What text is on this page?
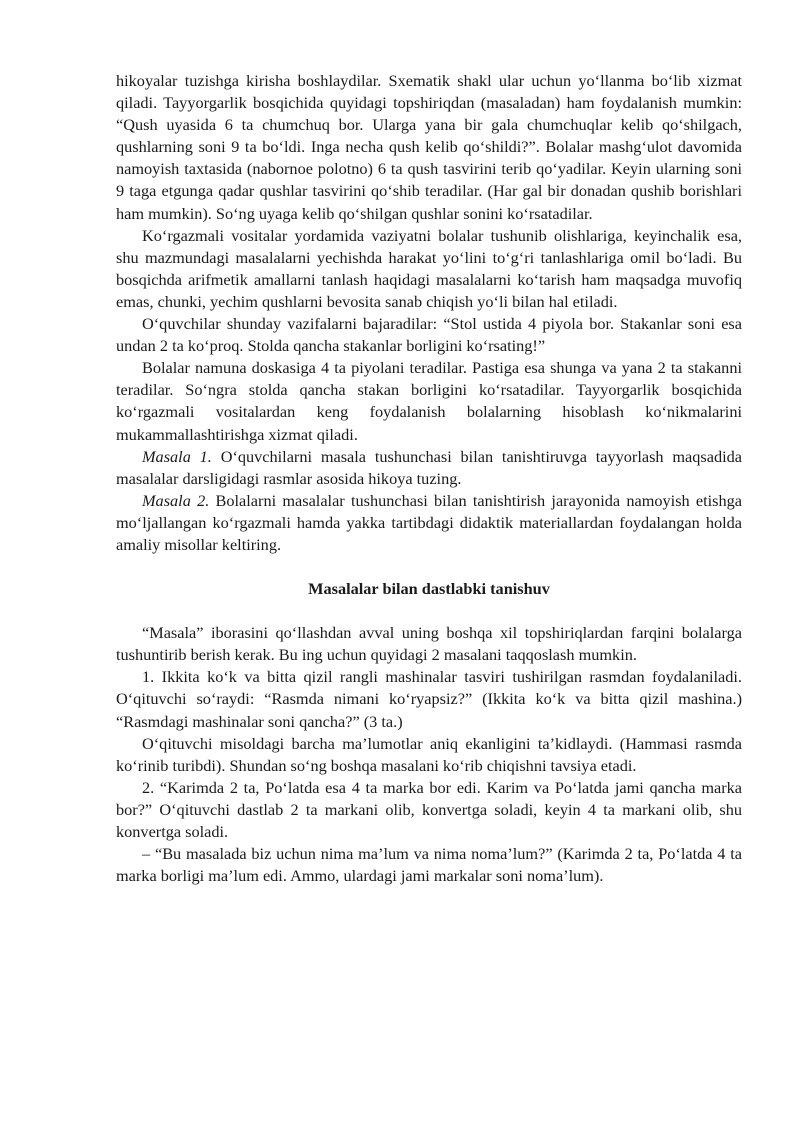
hikoyalar tuzishga kirisha boshlaydilar. Sxematik shakl ular uchun yo‘llanma bo‘lib xizmat qiladi. Tayyorgarlik bosqichida quyidagi topshiriqdan (masaladan) ham foydalanish mumkin: “Qush uyasida 6 ta chumchuq bor. Ularga yana bir gala chumchuqlar kelib qo‘shilgach, qushlarning soni 9 ta bo‘ldi. Inga necha qush kelib qo‘shildi?”. Bolalar mashg‘ulot davomida namoyish taxtasida (nabornoe polotno) 6 ta qush tasvirini terib qo‘yadilar. Keyin ularning soni 9 taga etgunga qadar qushlar tasvirini qo‘shib teradilar. (Har gal bir donadan qushib borishlari ham mumkin). So‘ng uyaga kelib qo‘shilgan qushlar sonini ko‘rsatadilar.

Ko‘rgazmali vositalar yordamida vaziyatni bolalar tushunib olishlariga, keyinchalik esa, shu mazmundagi masalalarni yechishda harakat yo‘lini to‘g‘ri tanlashlariga omil bo‘ladi. Bu bosqichda arifmetik amallarni tanlash haqidagi masalalarni ko‘tarish ham maqsadga muvofiq emas, chunki, yechim qushlarni bevosita sanab chiqish yo‘li bilan hal etiladi.

O‘quvchilar shunday vazifalarni bajaradilar: “Stol ustida 4 piyola bor. Stakanlar soni esa undan 2 ta ko‘proq. Stolda qancha stakanlar borligini ko‘rsating!”

Bolalar namuna doskasiga 4 ta piyolani teradilar. Pastiga esa shunga va yana 2 ta stakanni teradilar. So‘ngra stolda qancha stakan borligini ko‘rsatadilar. Tayyorgarlik bosqichida ko‘rgazmali vositalardan keng foydalanish bolalarning hisoblash ko‘nikmalarini mukammallashtirishga xizmat qiladi.

Masala 1. O‘quvchilarni masala tushunchasi bilan tanishtiruvga tayyorlash maqsadida masalalar darsligidagi rasmlar asosida hikoya tuzing.

Masala 2. Bolalarni masalalar tushunchasi bilan tanishtirish jarayonida namoyish etishga mo‘ljallangan ko‘rgazmali hamda yakka tartibdagi didaktik materiallardan foydalangan holda amaliy misollar keltiring.

Masalalar bilan dastlabki tanishuv

“Masala” iborasini qo‘llashdan avval uning boshqa xil topshiriqlardan farqini bolalarga tushuntirib berish kerak. Bu ing uchun quyidagi 2 masalani taqqoslash mumkin.

1. Ikkita ko‘k va bitta qizil rangli mashinalar tasviri tushirilgan rasmdan foydalaniladi. O‘qituvchi so‘raydi: “Rasmda nimani ko‘ryapsiz?” (Ikkita ko‘k va bitta qizil mashina.) “Rasmdagi mashinalar soni qancha?” (3 ta.)

O‘qituvchi misoldagi barcha ma’lumotlar aniq ekanligini ta’kidlaydi. (Hammasi rasmda ko‘rinib turibdi). Shundan so‘ng boshqa masalani ko‘rib chiqishni tavsiya etadi.

2. “Karimda 2 ta, Po‘latda esa 4 ta marka bor edi. Karim va Po‘latda jami qancha marka bor?” O‘qituvchi dastlab 2 ta markani olib, konvertga soladi, keyin 4 ta markani olib, shu konvertga soladi.

– “Bu masalada biz uchun nima ma’lum va nima noma’lum?” (Karimda 2 ta, Po‘latda 4 ta marka borligi ma’lum edi. Ammo, ulardagi jami markalar soni noma’lum).
